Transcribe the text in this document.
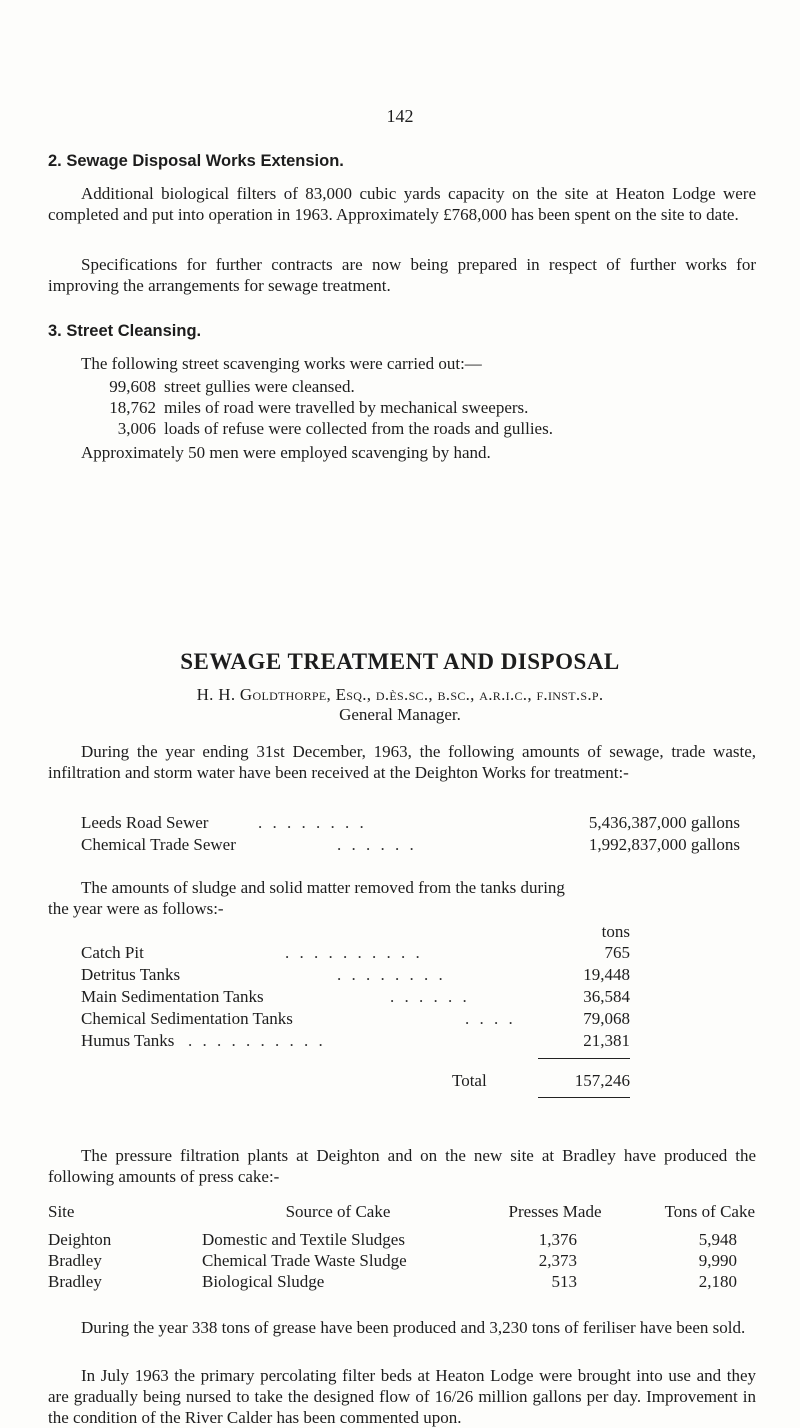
142
2. Sewage Disposal Works Extension.
Additional biological filters of 83,000 cubic yards capacity on the site at Heaton Lodge were completed and put into operation in 1963. Approximately £768,000 has been spent on the site to date.
Specifications for further contracts are now being prepared in respect of further works for improving the arrangements for sewage treatment.
3. Street Cleansing.
The following street scavenging works were carried out:—
99,608 street gullies were cleansed.
18,762 miles of road were travelled by mechanical sweepers.
3,006 loads of refuse were collected from the roads and gullies.
Approximately 50 men were employed scavenging by hand.
SEWAGE TREATMENT AND DISPOSAL
H. H. Goldthorpe, Esq., d.ès.sc., b.sc., a.r.i.c., f.inst.s.p.
General Manager.
During the year ending 31st December, 1963, the following amounts of sewage, trade waste, infiltration and storm water have been received at the Deighton Works for treatment:-
Leeds Road Sewer	. . . . . . . .	5,436,387,000 gallons
Chemical Trade Sewer	. . . . . .	1,992,837,000 gallons
The amounts of sludge and solid matter removed from the tanks during
the year were as follows:-
tons
Catch Pit	. . . . . . . . . .	765
Detritus Tanks	. . . . . . . .	19,448
Main Sedimentation Tanks	. . . . . .	36,584
Chemical Sedimentation Tanks	. . . .	79,068
Humus Tanks . . . . . . . . . .	21,381
Total	157,246
The pressure filtration plants at Deighton and on the new site at Bradley have produced the following amounts of press cake:-
Site	Source of Cake	Presses Made	Tons of Cake
Deighton	Domestic and Textile Sludges	1,376	5,948
Bradley	Chemical Trade Waste Sludge	2,373	9,990
Bradley	Biological Sludge	513	2,180
During the year 338 tons of grease have been produced and 3,230 tons of feriliser have been sold.
In July 1963 the primary percolating filter beds at Heaton Lodge were brought into use and they are gradually being nursed to take the designed flow of 16/26 million gallons per day. Improvement in the condition of the River Calder has been commented upon.
